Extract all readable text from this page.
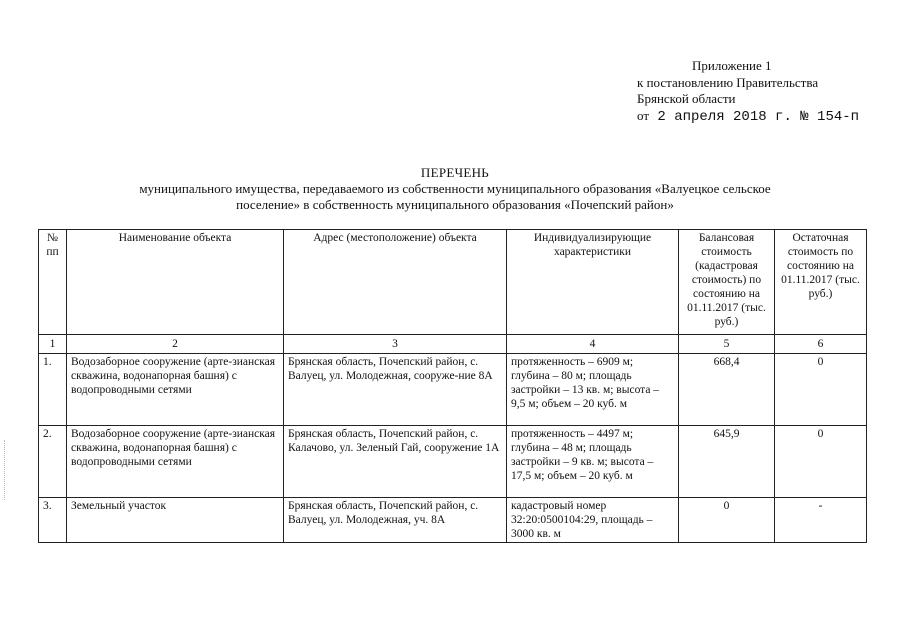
Приложение 1
к постановлению Правительства
Брянской области
от 2 апреля 2018 г. № 154-п
ПЕРЕЧЕНЬ
муниципального имущества, передаваемого из собственности муниципального образования «Валуецкое сельское
поселение» в собственность муниципального образования «Почепский район»
№ пп	Наименование объекта	Адрес (местоположение) объекта	Индивидуализирующие характеристики	Балансовая стоимость (кадастровая стоимость) по состоянию на 01.11.2017 (тыс. руб.)	Остаточная стоимость по состоянию на 01.11.2017 (тыс. руб.)
1	2	3	4	5	6
1.	Водозаборное сооружение (арте-зианская скважина, водонапорная башня) с водопроводными сетями	Брянская область, Почепский район, с. Валуец, ул. Молодежная, сооруже-ние 8А	протяженность – 6909 м; глубина – 80 м; площадь застройки – 13 кв. м; высота – 9,5 м; объем – 20 куб. м	668,4	0
2.	Водозаборное сооружение (арте-зианская скважина, водонапорная башня) с водопроводными сетями	Брянская область, Почепский район, с. Калачово, ул. Зеленый Гай, сооружение 1А	протяженность – 4497 м; глубина – 48 м; площадь застройки – 9 кв. м; высота – 17,5 м; объем – 20 куб. м	645,9	0
3.	Земельный участок	Брянская область, Почепский район, с. Валуец, ул. Молодежная, уч. 8А	кадастровый номер 32:20:0500104:29, площадь – 3000 кв. м	0	-
